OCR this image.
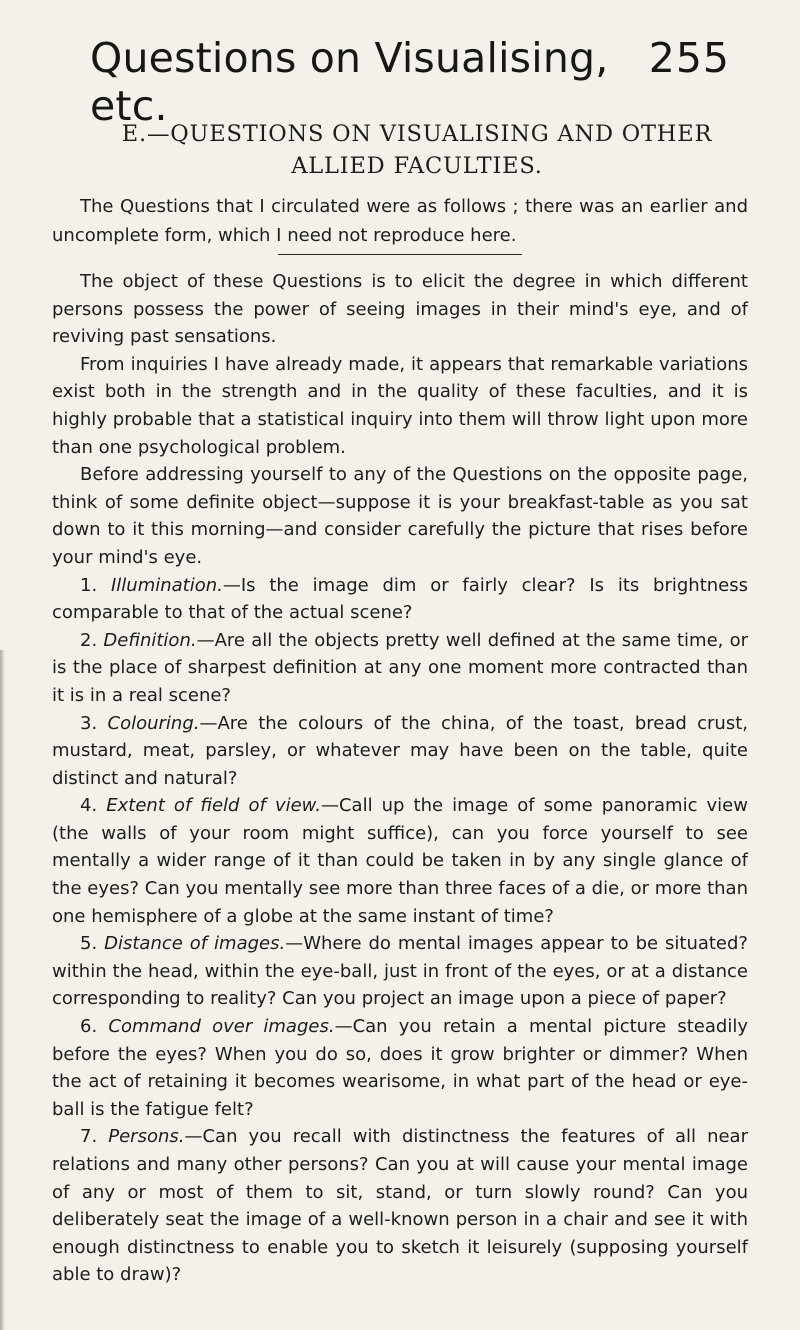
Questions on Visualising, etc.
255
E.—QUESTIONS ON VISUALISING AND OTHER ALLIED FACULTIES.

The Questions that I circulated were as follows ; there was an earlier and uncomplete form, which I need not reproduce here.

The object of these Questions is to elicit the degree in which different persons possess the power of seeing images in their mind's eye, and of reviving past sensations.

From inquiries I have already made, it appears that remarkable variations exist both in the strength and in the quality of these faculties, and it is highly probable that a statistical inquiry into them will throw light upon more than one psychological problem.

Before addressing yourself to any of the Questions on the opposite page, think of some definite object—suppose it is your breakfast-table as you sat down to it this morning—and consider carefully the picture that rises before your mind's eye.

1. Illumination.—Is the image dim or fairly clear? Is its brightness comparable to that of the actual scene?

2. Definition.—Are all the objects pretty well defined at the same time, or is the place of sharpest definition at any one moment more contracted than it is in a real scene?

3. Colouring.—Are the colours of the china, of the toast, bread crust, mustard, meat, parsley, or whatever may have been on the table, quite distinct and natural?

4. Extent of field of view.—Call up the image of some panoramic view (the walls of your room might suffice), can you force yourself to see mentally a wider range of it than could be taken in by any single glance of the eyes? Can you mentally see more than three faces of a die, or more than one hemisphere of a globe at the same instant of time?

5. Distance of images.—Where do mental images appear to be situated? within the head, within the eye-ball, just in front of the eyes, or at a distance corresponding to reality? Can you project an image upon a piece of paper?

6. Command over images.—Can you retain a mental picture steadily before the eyes? When you do so, does it grow brighter or dimmer? When the act of retaining it becomes wearisome, in what part of the head or eye-ball is the fatigue felt?

7. Persons.—Can you recall with distinctness the features of all near relations and many other persons? Can you at will cause your mental image of any or most of them to sit, stand, or turn slowly round? Can you deliberately seat the image of a well-known person in a chair and see it with enough distinctness to enable you to sketch it leisurely (supposing yourself able to draw)?
